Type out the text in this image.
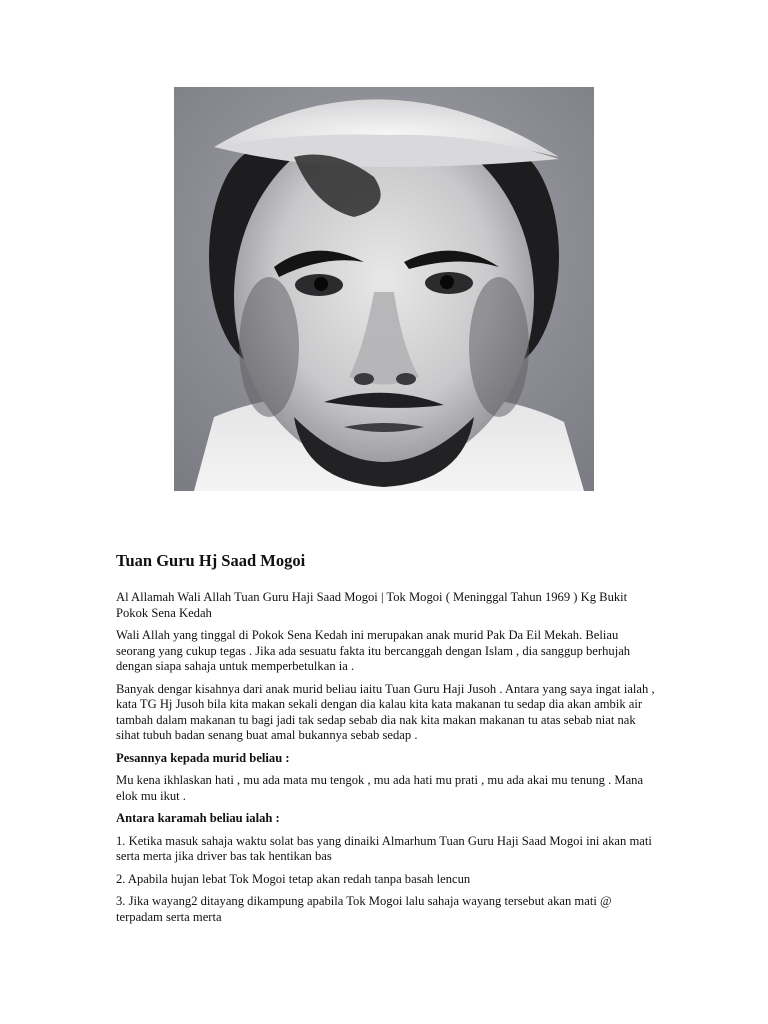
Tuan Guru Hj Saad Mogoi

Al Allamah Wali Allah Tuan Guru Haji Saad Mogoi | Tok Mogoi ( Meninggal Tahun 1969 ) Kg Bukit Pokok Sena Kedah

Wali Allah yang tinggal di Pokok Sena Kedah ini merupakan anak murid Pak Da Eil Mekah. Beliau seorang yang cukup tegas . Jika ada sesuatu fakta itu bercanggah dengan Islam , dia sanggup berhujah dengan siapa sahaja untuk memperbetulkan ia .

Banyak dengar kisahnya dari anak murid beliau iaitu Tuan Guru Haji Jusoh . Antara yang saya ingat ialah , kata TG Hj Jusoh bila kita makan sekali dengan dia kalau kita kata makanan tu sedap dia akan ambik air tambah dalam makanan tu bagi jadi tak sedap sebab dia nak kita makan makanan tu atas sebab niat nak sihat tubuh badan senang buat amal bukannya sebab sedap .

Pesannya kepada murid beliau :

Mu kena ikhlaskan hati , mu ada mata mu tengok , mu ada hati mu prati , mu ada akai mu tenung . Mana elok mu ikut .

Antara karamah beliau ialah :

1. Ketika masuk sahaja waktu solat bas yang dinaiki Almarhum Tuan Guru Haji Saad Mogoi ini akan mati serta merta jika driver bas tak hentikan bas

2. Apabila hujan lebat Tok Mogoi tetap akan redah tanpa basah lencun

3. Jika wayang2 ditayang dikampung apabila Tok Mogoi lalu sahaja wayang tersebut akan mati @ terpadam serta merta
